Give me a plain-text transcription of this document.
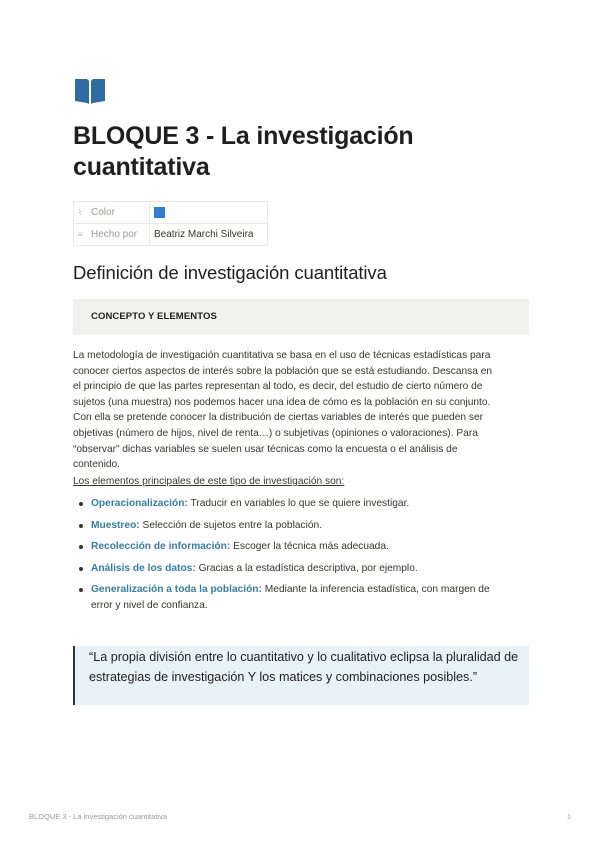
BLOQUE 3 - La investigación cuantitativa
⌇ Color	
≡ Hecho por	Beatriz Marchi Silveira
Definición de investigación cuantitativa
CONCEPTO Y ELEMENTOS
La metodología de investigación cuantitativa se basa en el uso de técnicas estadísticas para
conocer ciertos aspectos de interés sobre la población que se está estudiando. Descansa en
el principio de que las partes representan al todo, es decir, del estudio de cierto número de
sujetos (una muestra) nos podemos hacer una idea de cómo es la población en su conjunto.
Con ella se pretende conocer la distribución de ciertas variables de interés que pueden ser
objetivas (número de hijos, nivel de renta…) o subjetivas (opiniones o valoraciones). Para
“observar” dichas variables se suelen usar técnicas como la encuesta o el análisis de
contenido.

Los elementos principales de este tipo de investigación son:

Operacionalización: Traducir en variables lo que se quiere investigar.
Muestreo: Selección de sujetos entre la población.
Recolección de información: Escoger la técnica más adecuada.
Análisis de los datos: Gracias a la estadística descriptiva, por ejemplo.
Generalización a toda la población: Mediante la inferencia estadística, con margen de error y nivel de confianza.

“La propia división entre lo cuantitativo y lo cualitativo eclipsa la pluralidad de estrategias de investigación Y los matices y combinaciones posibles.”

BLOQUE 3 - La investigación cuantitativa	1
